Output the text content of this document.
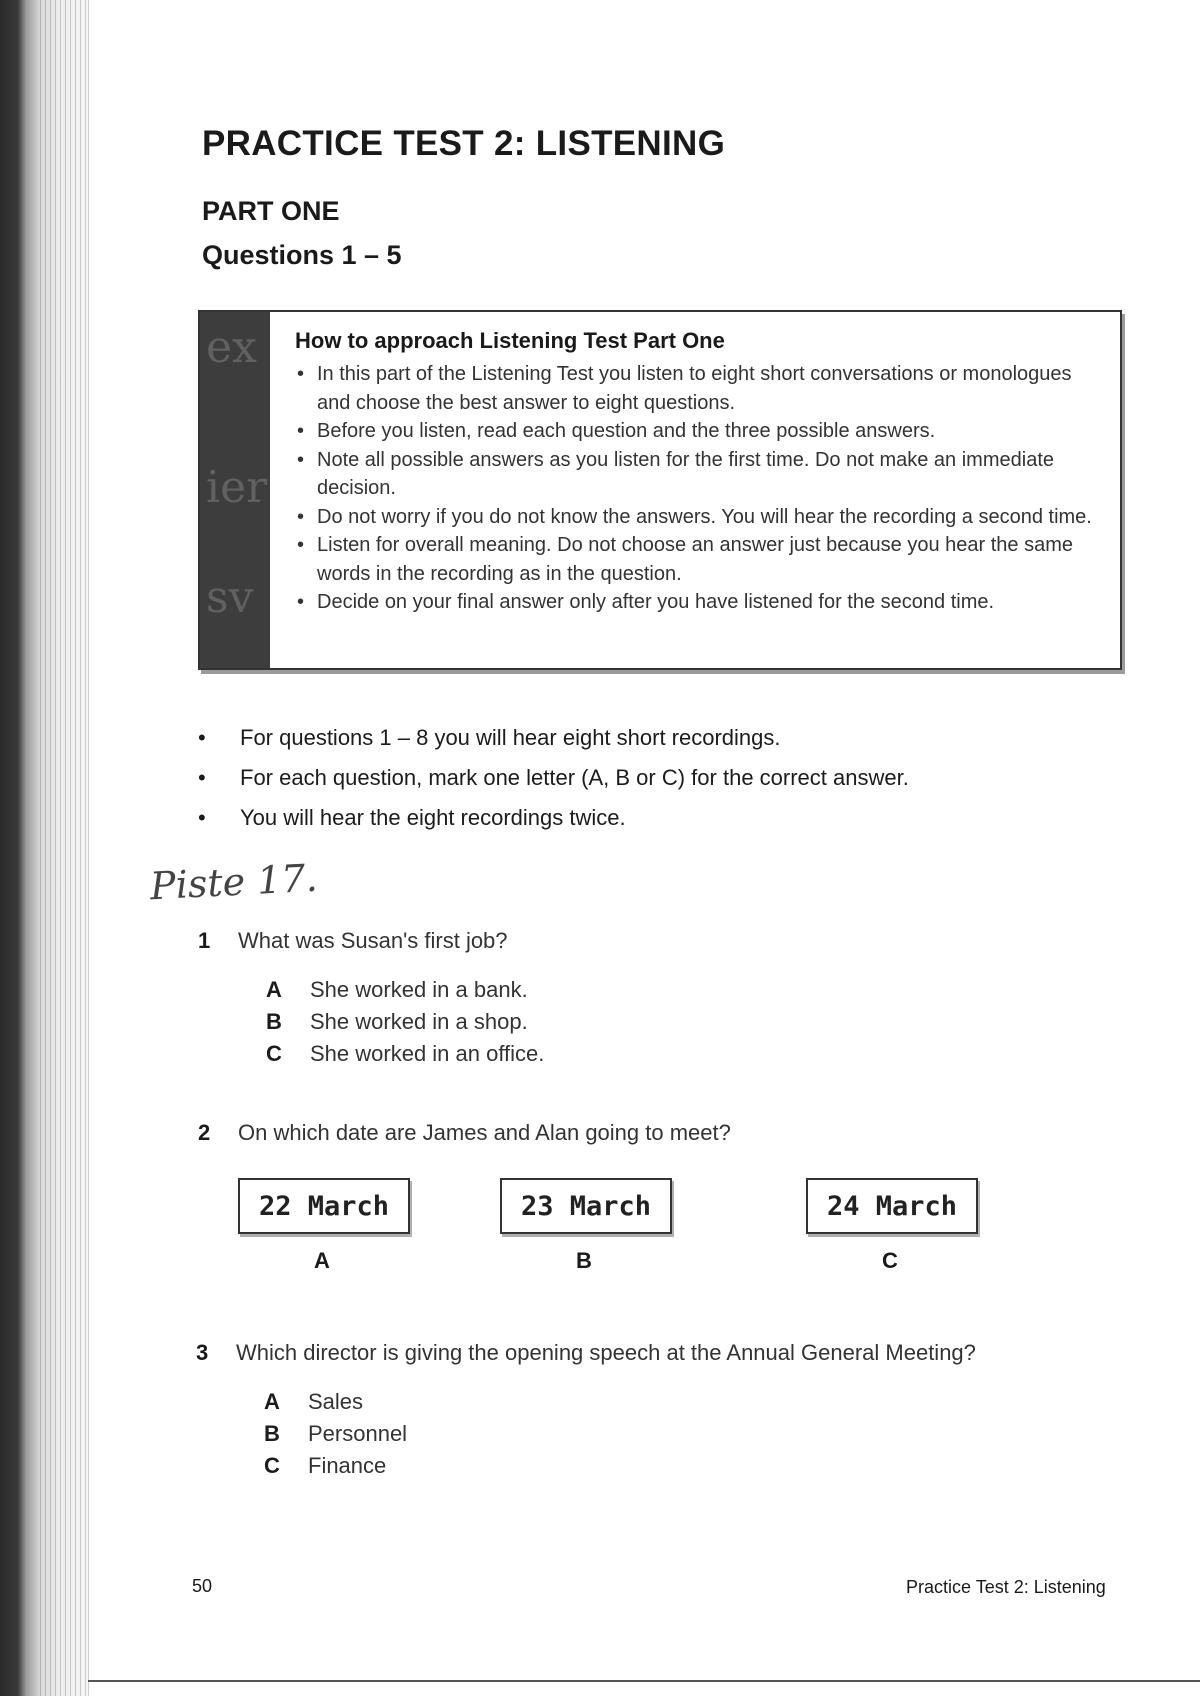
PRACTICE TEST 2: LISTENING
PART ONE
Questions 1 – 5
ex
ier
sv
How to approach Listening Test Part One
• In this part of the Listening Test you listen to eight short conversations or monologues and choose the best answer to eight questions.
• Before you listen, read each question and the three possible answers.
• Note all possible answers as you listen for the first time. Do not make an immediate decision.
• Do not worry if you do not know the answers. You will hear the recording a second time.
• Listen for overall meaning. Do not choose an answer just because you hear the same words in the recording as in the question.
• Decide on your final answer only after you have listened for the second time.
• For questions 1 – 8 you will hear eight short recordings.
• For each question, mark one letter (A, B or C) for the correct answer.
• You will hear the eight recordings twice.

Piste 17.

1 What was Susan's first job?
A She worked in a bank.
B She worked in a shop.
C She worked in an office.
2 On which date are James and Alan going to meet?
22 March
A
23 March
B
24 March
C
3 Which director is giving the opening speech at the Annual General Meeting?
A Sales
B Personnel
C Finance
50	Practice Test 2: Listening
